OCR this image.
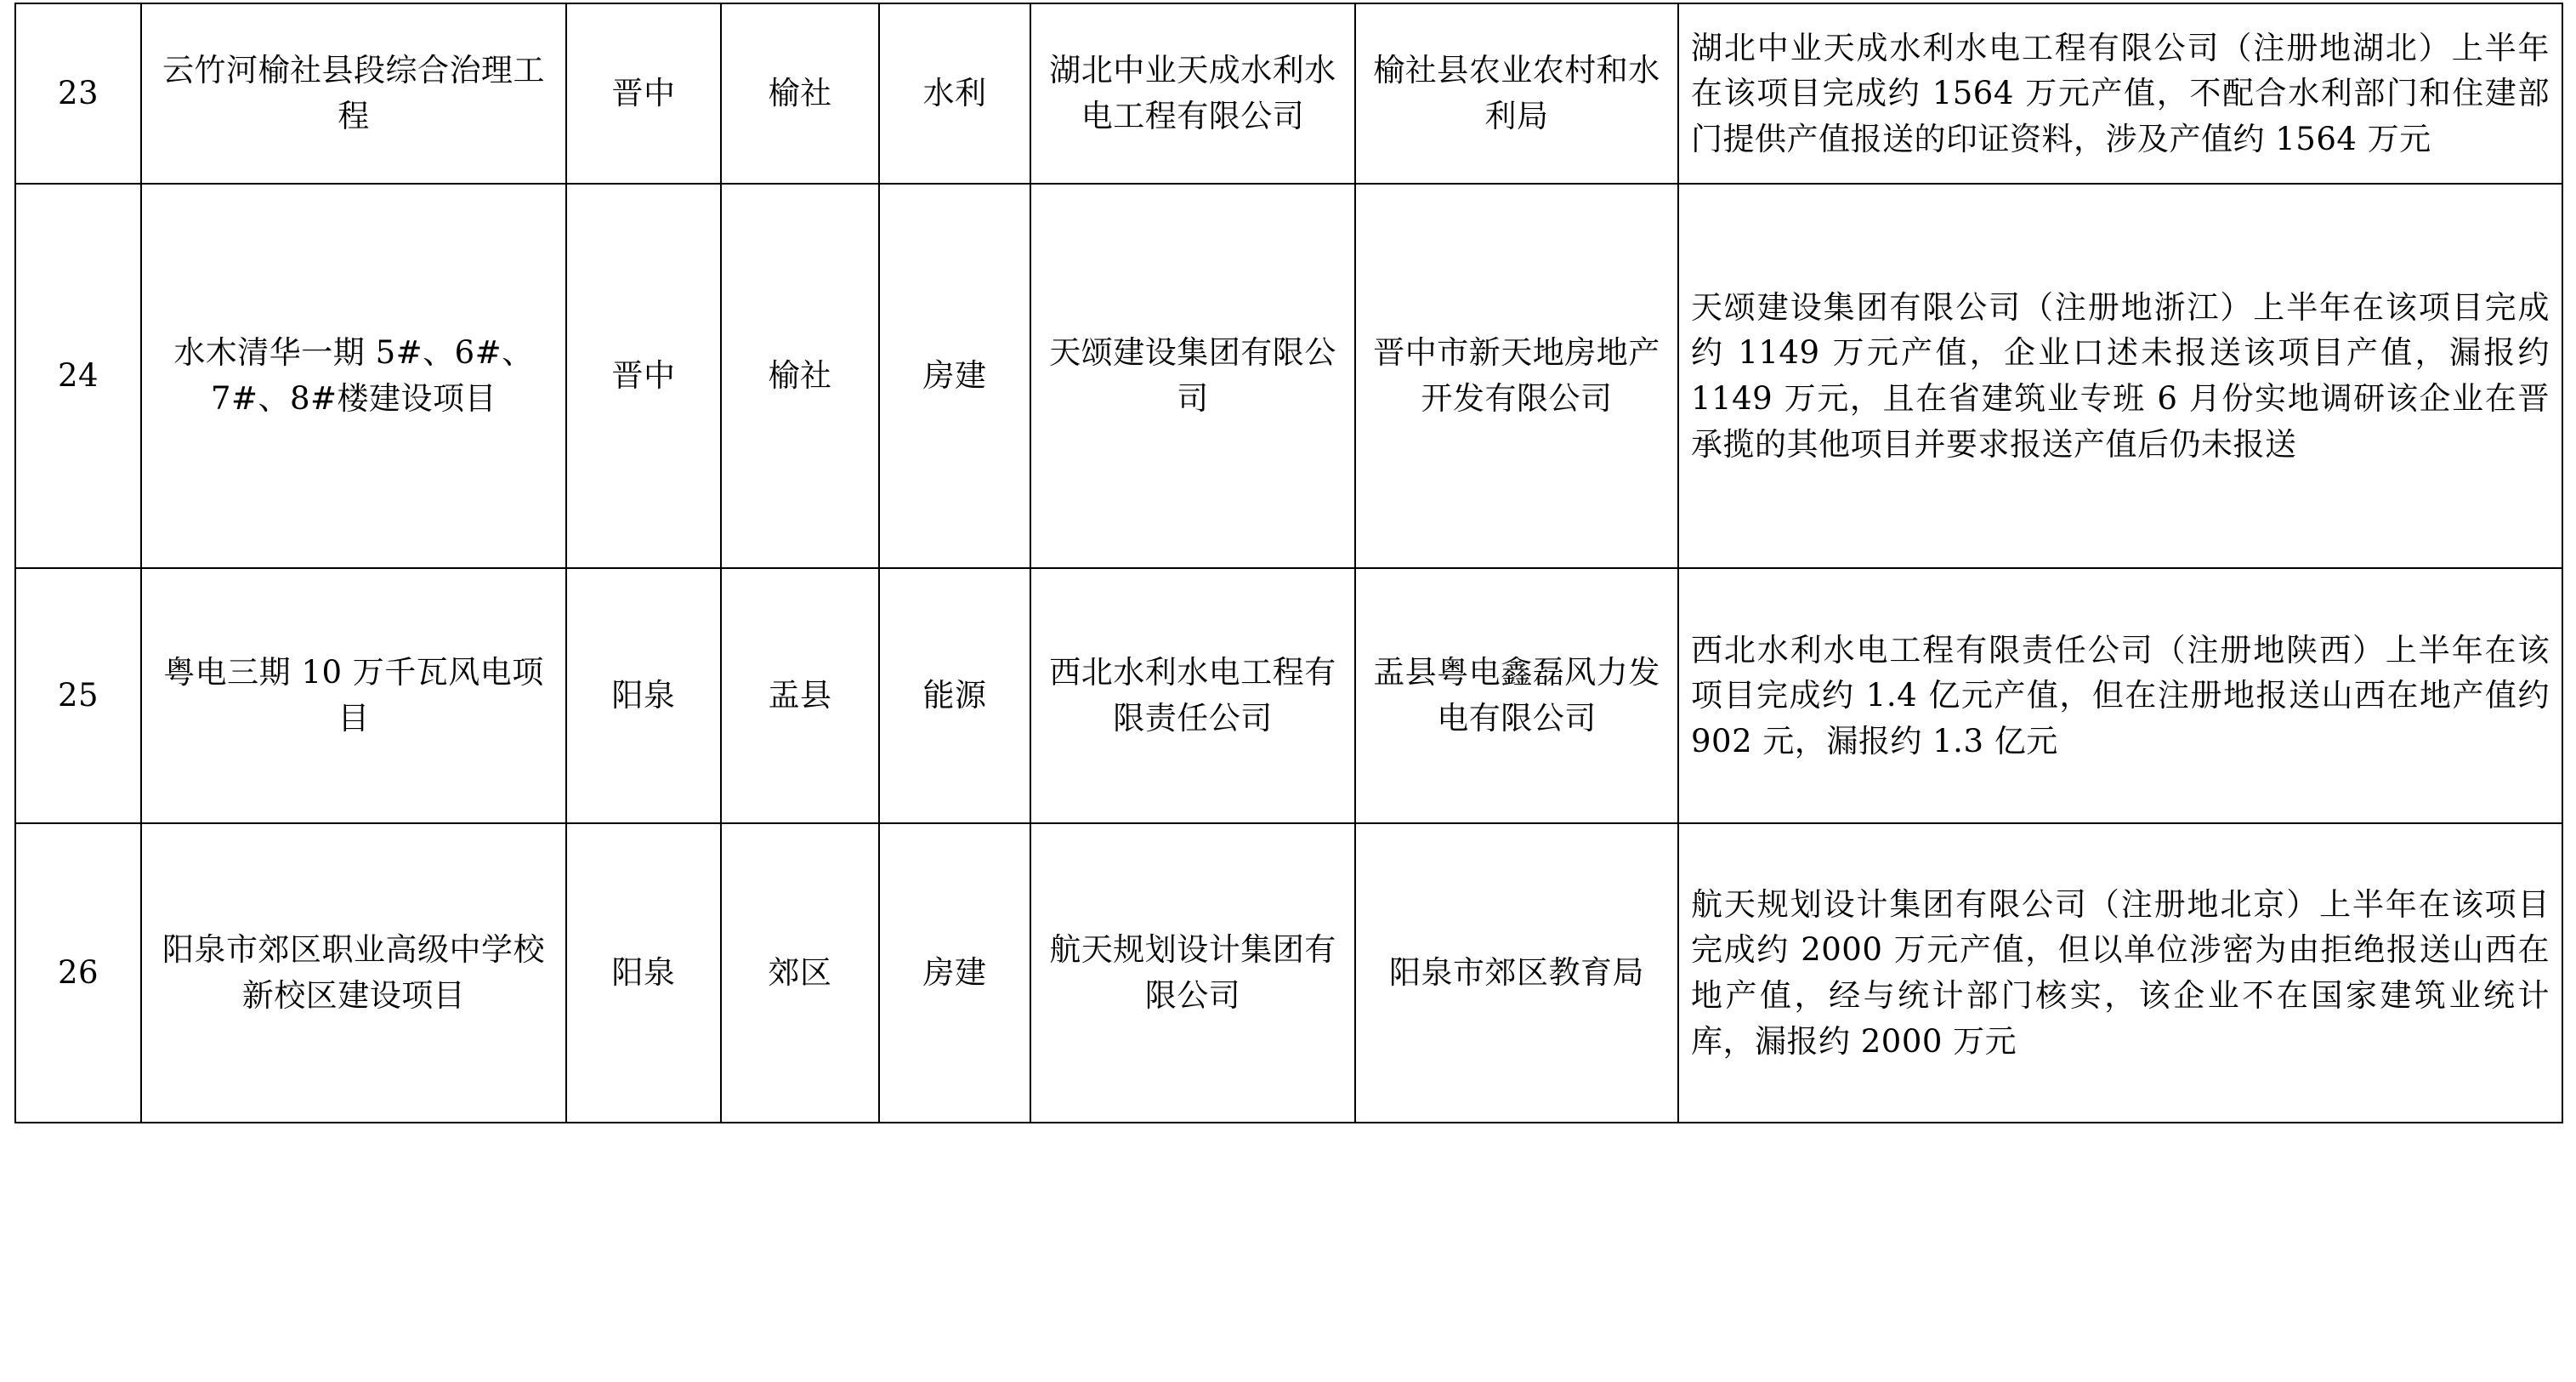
23	云竹河榆社县段综合治理工程	晋中	榆社	水利	湖北中业天成水利水电工程有限公司	榆社县农业农村和水利局	湖北中业天成水利水电工程有限公司（注册地湖北）上半年在该项目完成约 1564 万元产值，不配合水利部门和住建部门提供产值报送的印证资料，涉及产值约 1564 万元
24	水木清华一期 5#、6#、7#、8#楼建设项目	晋中	榆社	房建	天颂建设集团有限公司	晋中市新天地房地产开发有限公司	天颂建设集团有限公司（注册地浙江）上半年在该项目完成约 1149 万元产值，企业口述未报送该项目产值，漏报约 1149 万元，且在省建筑业专班 6 月份实地调研该企业在晋承揽的其他项目并要求报送产值后仍未报送
25	粤电三期 10 万千瓦风电项目	阳泉	盂县	能源	西北水利水电工程有限责任公司	盂县粤电鑫磊风力发电有限公司	西北水利水电工程有限责任公司（注册地陕西）上半年在该项目完成约 1.4 亿元产值，但在注册地报送山西在地产值约 902 元，漏报约 1.3 亿元
26	阳泉市郊区职业高级中学校新校区建设项目	阳泉	郊区	房建	航天规划设计集团有限公司	阳泉市郊区教育局	航天规划设计集团有限公司（注册地北京）上半年在该项目完成约 2000 万元产值，但以单位涉密为由拒绝报送山西在地产值，经与统计部门核实，该企业不在国家建筑业统计库，漏报约 2000 万元
